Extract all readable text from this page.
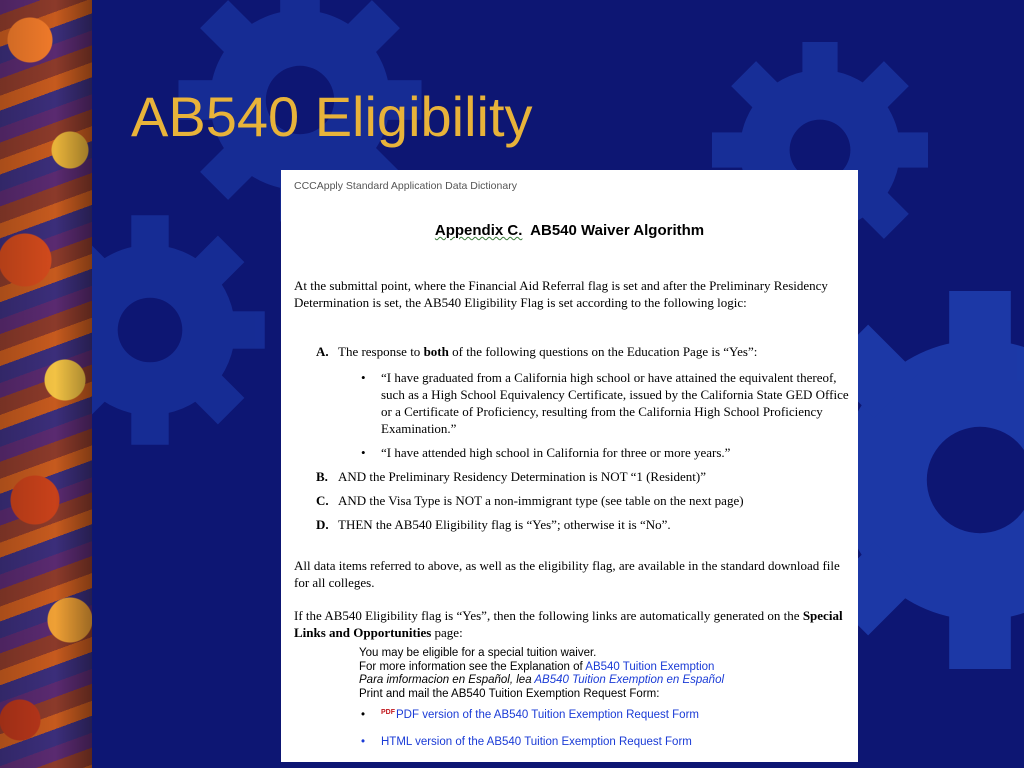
AB540 Eligibility
CCCApply Standard Application Data Dictionary
Appendix C. AB540 Waiver Algorithm
At the submittal point, where the Financial Aid Referral flag is set and after the Preliminary Residency Determination is set, the AB540 Eligibility Flag is set according to the following logic:
A. The response to both of the following questions on the Education Page is “Yes”:
• “I have graduated from a California high school or have attained the equivalent thereof, such as a High School Equivalency Certificate, issued by the California State GED Office or a Certificate of Proficiency, resulting from the California High School Proficiency Examination.”
• “I have attended high school in California for three or more years.”
B. AND the Preliminary Residency Determination is NOT “1 (Resident)”
C. AND the Visa Type is NOT a non-immigrant type (see table on the next page)
D. THEN the AB540 Eligibility flag is “Yes”; otherwise it is “No”.
All data items referred to above, as well as the eligibility flag, are available in the standard download file for all colleges.
If the AB540 Eligibility flag is “Yes”, then the following links are automatically generated on the Special Links and Opportunities page:
You may be eligible for a special tuition waiver.
For more information see the Explanation of AB540 Tuition Exemption
Para imformacion en Español, lea AB540 Tuition Exemption en Español
Print and mail the AB540 Tuition Exemption Request Form:
• $^{PDF}$PDF version of the AB540 Tuition Exemption Request Form
• HTML version of the AB540 Tuition Exemption Request Form
